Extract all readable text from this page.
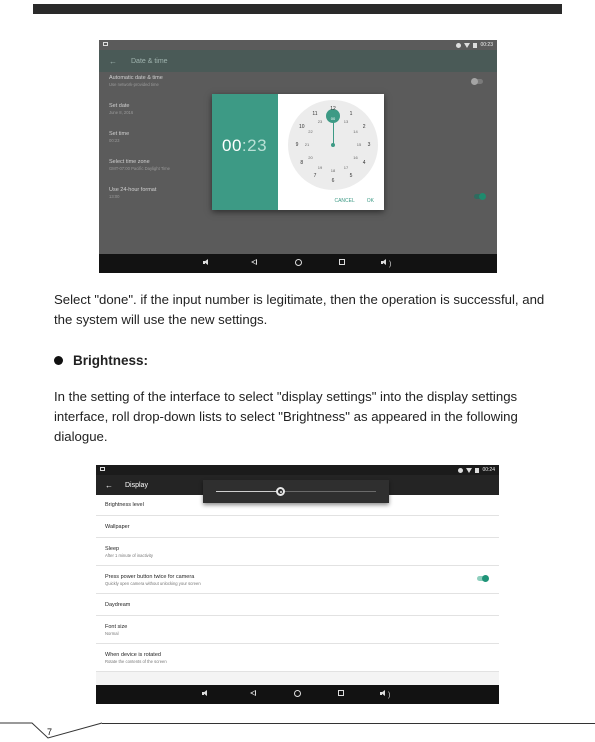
00:23
←	Date & time
Automatic date & time
Use network-provided time
Set date
June 8, 2016
Set time
00:23
Select time zone
GMT-07:00 Pacific Daylight Time
Use 24-hour format
13:00
00:23
12
1
2
3
4
5
6
7
8
9
10
11
00
13
14
15
16
17
18
19
20
21
22
23
CANCEL OK
)
Select "done". if the input number is legitimate, then the operation is successful, and the system will use the new settings.
Brightness:
In the setting of the interface to select "display settings" into the display settings interface, roll drop-down lists to select "Brightness" as appeared in the following dialogue.
00:24
←	Display
Brightness level
Wallpaper
Sleep
After 1 minute of inactivity
Press power button twice for camera
Quickly open camera without unlocking your screen
Daydream
Font size
Normal
When device is rotated
Rotate the contents of the screen
)
7
